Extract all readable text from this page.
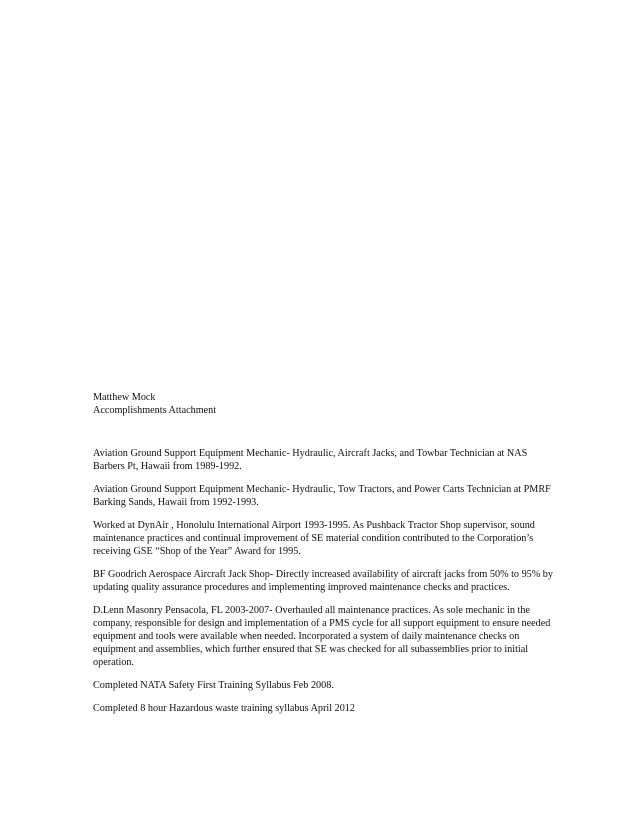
Matthew Mock

Accomplishments Attachment

Aviation Ground Support Equipment Mechanic- Hydraulic, Aircraft Jacks, and Towbar Technician at NAS Barbers Pt, Hawaii from 1989-1992.

Aviation Ground Support Equipment Mechanic- Hydraulic, Tow Tractors, and Power Carts Technician at PMRF Barking Sands, Hawaii from 1992-1993.

Worked at DynAir , Honolulu International Airport 1993-1995. As Pushback Tractor Shop supervisor, sound maintenance practices and continual improvement of SE material condition contributed to the Corporation’s receiving GSE “Shop of the Year” Award for 1995.

BF Goodrich Aerospace Aircraft Jack Shop- Directly increased availability of aircraft jacks from 50% to 95% by updating quality assurance procedures and implementing improved maintenance checks and practices.

D.Lenn Masonry Pensacola, FL 2003-2007- Overhauled all maintenance practices. As sole mechanic in the company, responsible for design and implementation of a PMS cycle for all support equipment to ensure needed equipment and tools were available when needed. Incorporated a system of daily maintenance checks on equipment and assemblies, which further ensured that SE was checked for all subassemblies prior to initial operation.

Completed NATA Safety First Training Syllabus Feb 2008.

Completed 8 hour Hazardous waste training syllabus April 2012
